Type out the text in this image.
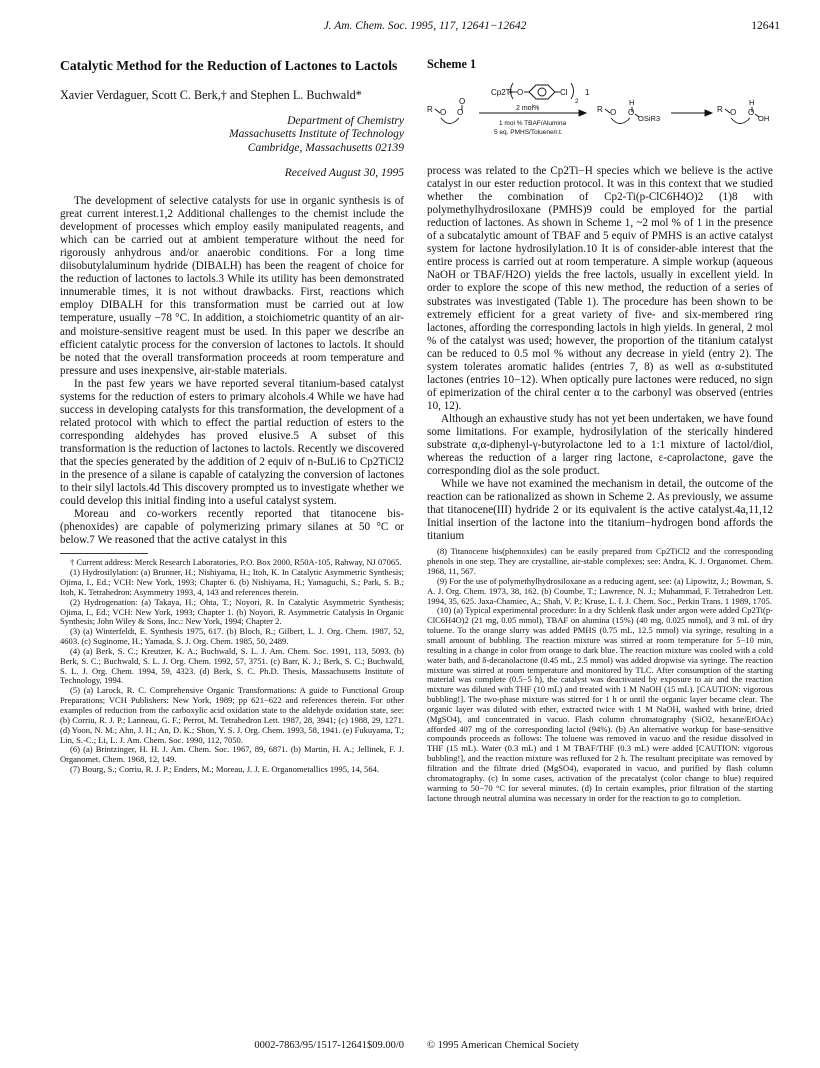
J. Am. Chem. Soc. 1995, 117, 12641−12642	12641
Catalytic Method for the Reduction of Lactones to Lactols
Xavier Verdaguer, Scott C. Berk,† and Stephen L. Buchwald*
Department of Chemistry
Massachusetts Institute of Technology
Cambridge, Massachusetts 02139
Received August 30, 1995

The development of selective catalysts for use in organic synthesis is of great current interest.1,2 Additional challenges to the chemist include the development of processes which employ easily manipulated reagents, and which can be carried out at ambient temperature without the need for rigorously anhydrous and/or anaerobic conditions. For a long time diisobutylaluminum hydride (DIBALH) has been the reagent of choice for the reduction of lactones to lactols.3 While its utility has been demonstrated innumerable times, it is not without drawbacks. First, reactions which employ DIBALH for this transformation must be carried out at low temperature, usually −78 °C. In addition, a stoichiometric quantity of an air- and moisture-sensitive reagent must be used. In this paper we describe an efficient catalytic process for the conversion of lactones to lactols. It should be noted that the overall transformation proceeds at room temperature and pressure and uses inexpensive, air-stable materials.

In the past few years we have reported several titanium-based catalyst systems for the reduction of esters to primary alcohols.4 While we have had success in developing catalysts for this transformation, the development of a related protocol with which to effect the partial reduction of esters to the corresponding aldehydes has proved elusive.5 A subset of this transformation is the reduction of lactones to lactols. Recently we discovered that the species generated by the addition of 2 equiv of n-BuLi6 to Cp2TiCl2 in the presence of a silane is capable of catalyzing the conversion of lactones to their silyl lactols.4d This discovery prompted us to investigate whether we could develop this initial finding into a useful catalyst system.

Moreau and co-workers recently reported that titanocene bis-(phenoxides) are capable of polymerizing primary silanes at 50 °C or below.7 We reasoned that the active catalyst in this

† Current address: Merck Research Laboratories, P.O. Box 2000, R50A-105, Rahway, NJ 07065.

(1) Hydrosilylation: (a) Brunner, H.; Nishiyama, H.; Itoh, K. In Catalytic Asymmetric Synthesis; Ojima, I., Ed.; VCH: New York, 1993; Chapter 6. (b) Nishiyama, H.; Yamaguchi, S.; Park, S. B.; Itoh, K. Tetrahedron: Asymmetry 1993, 4, 143 and references therein.

(2) Hydrogenation: (a) Takaya, H.; Ohta, T.; Noyori, R. In Catalytic Asymmetric Synthesis; Ojima, I., Ed.; VCH: New York, 1993; Chapter 1. (b) Noyori, R. Asymmetric Catalysis In Organic Synthesis; John Wiley & Sons, Inc.: New York, 1994; Chapter 2.

(3) (a) Winterfeldt, E. Synthesis 1975, 617. (b) Bloch, R.; Gilbert, L. J. Org. Chem. 1987, 52, 4603. (c) Suginome, H.; Yamada, S. J. Org. Chem. 1985, 50, 2489.

(4) (a) Berk, S. C.; Kreutzer, K. A.; Buchwald, S. L. J. Am. Chem. Soc. 1991, 113, 5093. (b) Berk, S. C.; Buchwald, S. L. J. Org. Chem. 1992, 57, 3751. (c) Barr, K. J.; Berk, S. C.; Buchwald, S. L. J. Org. Chem. 1994, 59, 4323. (d) Berk, S. C. Ph.D. Thesis, Massachusetts Institute of Technology, 1994.

(5) (a) Larock, R. C. Comprehensive Organic Transformations: A guide to Functional Group Preparations; VCH Publishers: New York, 1989; pp 621−622 and references therein. For other examples of reduction from the carboxylic acid oxidation state to the aldehyde oxidation state, see: (b) Corriu, R. J. P.; Lanneau, G. F.; Perrot, M. Tetrahedron Lett. 1987, 28, 3941; (c) 1988, 29, 1271. (d) Yoon, N. M.; Ahn, J. H.; An, D. K.; Shon, Y. S. J. Org. Chem. 1993, 58, 1941. (e) Fukuyama, T.; Lin, S.-C.; Li, L. J. Am. Chem. Soc. 1990, 112, 7050.

(6) (a) Brintzinger, H. H. J. Am. Chem. Soc. 1967, 89, 6871. (b) Martin, H. A.; Jellinek, F. J. Organomet. Chem. 1968, 12, 149.

(7) Bourg, S.; Corriu, R. J. P.; Enders, M.; Moreau, J. J. E. Organometallics 1995, 14, 564.

Scheme 1
Cp2Ti O	Cl
2
1
2 mol%
1 mol % TBAF/Alumina
5 eq. PMHS/Toluene/r.t.
R O O
O
R O O
H
OSiR3
R O O
H
OH

process was related to the Cp2Ti−H species which we believe is the active catalyst in our ester reduction protocol. It was in this context that we studied whether the combination of Cp2-Ti(p-ClC6H4O)2 (1)8 with polymethylhydrosiloxane (PMHS)9 could be employed for the partial reduction of lactones. As shown in Scheme 1, ~2 mol % of 1 in the presence of a subcatalytic amount of TBAF and 5 equiv of PMHS is an active catalyst system for lactone hydrosilylation.10 It is of consider-able interest that the entire process is carried out at room temperature. A simple workup (aqueous NaOH or TBAF/H2O) yields the free lactols, usually in excellent yield. In order to explore the scope of this new method, the reduction of a series of substrates was investigated (Table 1). The procedure has been shown to be extremely efficient for a great variety of five- and six-membered ring lactones, affording the corresponding lactols in high yields. In general, 2 mol % of the catalyst was used; however, the proportion of the titanium catalyst can be reduced to 0.5 mol % without any decrease in yield (entry 2). The system tolerates aromatic halides (entries 7, 8) as well as α-substituted lactones (entries 10−12). When optically pure lactones were reduced, no sign of epimerization of the chiral center α to the carbonyl was observed (entries 10, 12).

Although an exhaustive study has not yet been undertaken, we have found some limitations. For example, hydrosilylation of the sterically hindered substrate α,α-diphenyl-γ-butyrolactone led to a 1:1 mixture of lactol/diol, whereas the reduction of a larger ring lactone, ε-caprolactone, gave the corresponding diol as the sole product.

While we have not examined the mechanism in detail, the outcome of the reaction can be rationalized as shown in Scheme 2. As previously, we assume that titanocene(III) hydride 2 or its equivalent is the active catalyst.4a,11,12 Initial insertion of the lactone into the titanium−hydrogen bond affords the titanium

(8) Titanocene bis(phenoxides) can be easily prepared from Cp2TiCl2 and the corresponding phenols in one step. They are crystalline, air-stable complexes; see: Andra, K. J. Organomet. Chem. 1968, 11, 567.

(9) For the use of polymethylhydrosiloxane as a reducing agent, see: (a) Lipowitz, J.; Bowman, S. A. J. Org. Chem. 1973, 38, 162. (b) Coumbe, T.; Lawrence, N. J.; Muhammad, F. Tetrahedron Lett. 1994, 35, 625. Jaxa-Chamiec, A.; Shah, V. P.; Kruse, L. I. J. Chem. Soc., Perkin Trans. 1 1989, 1705.

(10) (a) Typical experimental procedure: In a dry Schlenk flask under argon were added Cp2Ti(p-ClC6H4O)2 (21 mg, 0.05 mmol), TBAF on alumina (15%) (40 mg, 0.025 mmol), and 3 mL of dry toluene. To the orange slurry was added PMHS (0.75 mL, 12.5 mmol) via syringe, resulting in a small amount of bubbling. The reaction mixture was stirred at room temperature for 5−10 min, resulting in a change in color from orange to dark blue. The reaction mixture was cooled with a cold water bath, and δ-decanolactone (0.45 mL, 2.5 mmol) was added dropwise via syringe. The reaction mixture was stirred at room temperature and monitored by TLC. After consumption of the starting material was complete (0.5−5 h), the catalyst was deactivated by exposure to air and the reaction mixture was diluted with THF (10 mL) and treated with 1 M NaOH (15 mL). [CAUTION: vigorous bubbling!]. The two-phase mixture was stirred for 1 h or until the organic layer became clear. The organic layer was diluted with ether, extracted twice with 1 M NaOH, washed with brine, dried (MgSO4), and concentrated in vacuo. Flash column chromatography (SiO2, hexane/EtOAc) afforded 407 mg of the corresponding lactol (94%). (b) An alternative workup for base-sensitive compounds proceeds as follows: The toluene was removed in vacuo and the residue dissolved in THF (15 mL). Water (0.3 mL) and 1 M TBAF/THF (0.3 mL) were added [CAUTION: vigorous bubbling!], and the reaction mixture was refluxed for 2 h. The resultant precipitate was removed by filtration and the filtrate dried (MgSO4), evaporated in vacuo, and purified by flash column chromatography. (c) In some cases, activation of the precatalyst (color change to blue) required warming to 50−70 °C for several minutes. (d) In certain examples, prior filtration of the starting lactone through neutral alumina was necessary in order for the reaction to go to completion.

0002-7863/95/1517-12641$09.00/0 © 1995 American Chemical Society
